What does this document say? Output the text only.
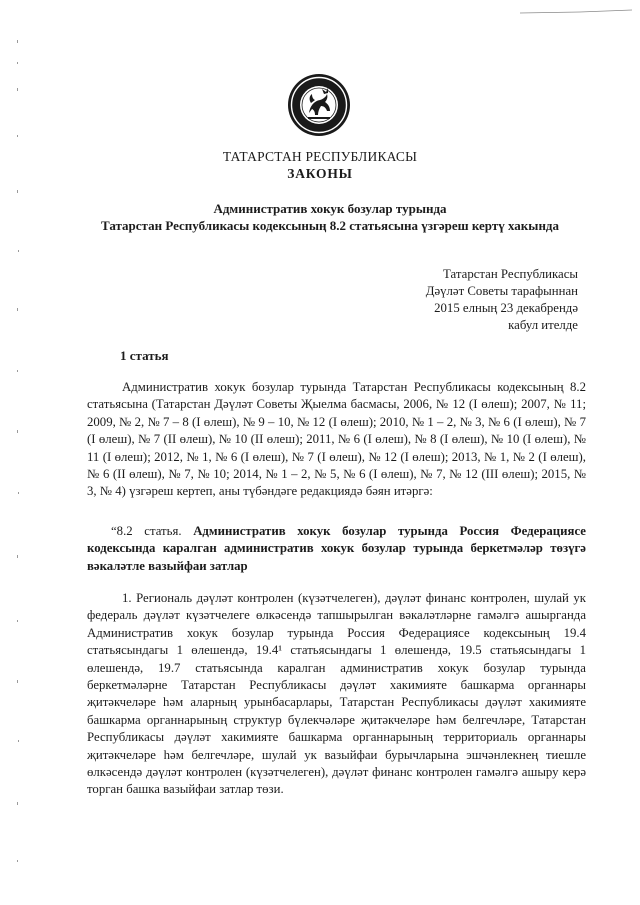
ТАТАРСТАН РЕСПУБЛИКАСЫ
ЗАКОНЫ
Административ хокук бозулар турында
Татарстан Республикасы кодексының 8.2 статьясына үзгәреш кертү хакында
Татарстан Республикасы
Дәүләт Советы тарафыннан
2015 елның 23 декабрендә
кабул ителде
1 статья

Административ хокук бозулар турында Татарстан Республикасы кодексының 8.2 статьясына (Татарстан Дәүләт Советы Җыелма басмасы, 2006, № 12 (I өлеш); 2007, № 11; 2009, № 2, № 7 – 8 (I өлеш), № 9 – 10, № 12 (I өлеш); 2010, № 1 – 2, № 3, № 6 (I өлеш), № 7 (I өлеш), № 7 (II өлеш), № 10 (II өлеш); 2011, № 6 (I өлеш), № 8 (I өлеш), № 10 (I өлеш), № 11 (I өлеш); 2012, № 1, № 6 (I өлеш), № 7 (I өлеш), № 12 (I өлеш); 2013, № 1, № 2 (I өлеш), № 6 (II өлеш), № 7, № 10; 2014, № 1 – 2, № 5, № 6 (I өлеш), № 7, № 12 (III өлеш); 2015, № 3, № 4) үзгәреш кертеп, аны түбәндәге редакциядә бәян итәргә:

“8.2 статья. Административ хокук бозулар турында Россия Федерациясе кодексында каралган административ хокук бозулар турында беркетмәләр төзүгә вәкаләтле вазыйфаи затлар

1. Региональ дәүләт контролен (күзәтчелеген), дәүләт финанс контролен, шулай ук федераль дәүләт күзәтчелеге өлкәсендә тапшырылган вәкаләтләрне гамәлгә ашырганда Административ хокук бозулар турында Россия Федерациясе кодексының 19.4 статьясындагы 1 өлешендә, 19.4¹ статьясындагы 1 өлешендә, 19.5 статьясындагы 1 өлешендә, 19.7 статьясында каралган административ хокук бозулар турында беркетмәләрне Татарстан Республикасы дәүләт хакимияте башкарма органнары җитәкчеләре һәм аларның урынбасарлары, Татарстан Республикасы дәүләт хакимияте башкарма органнарының структур бүлекчәләре җитәкчеләре һәм белгечләре, Татарстан Республикасы дәүләт хакимияте башкарма органнарының территориаль органнары җитәкчеләре һәм белгечләре, шулай ук вазыйфаи бурычларына эшчәнлекнең тиешле өлкәсендә дәүләт контролен (күзәтчелеген), дәүләт финанс контролен гамәлгә ашыру керә торган башка вазыйфаи затлар төзи.
